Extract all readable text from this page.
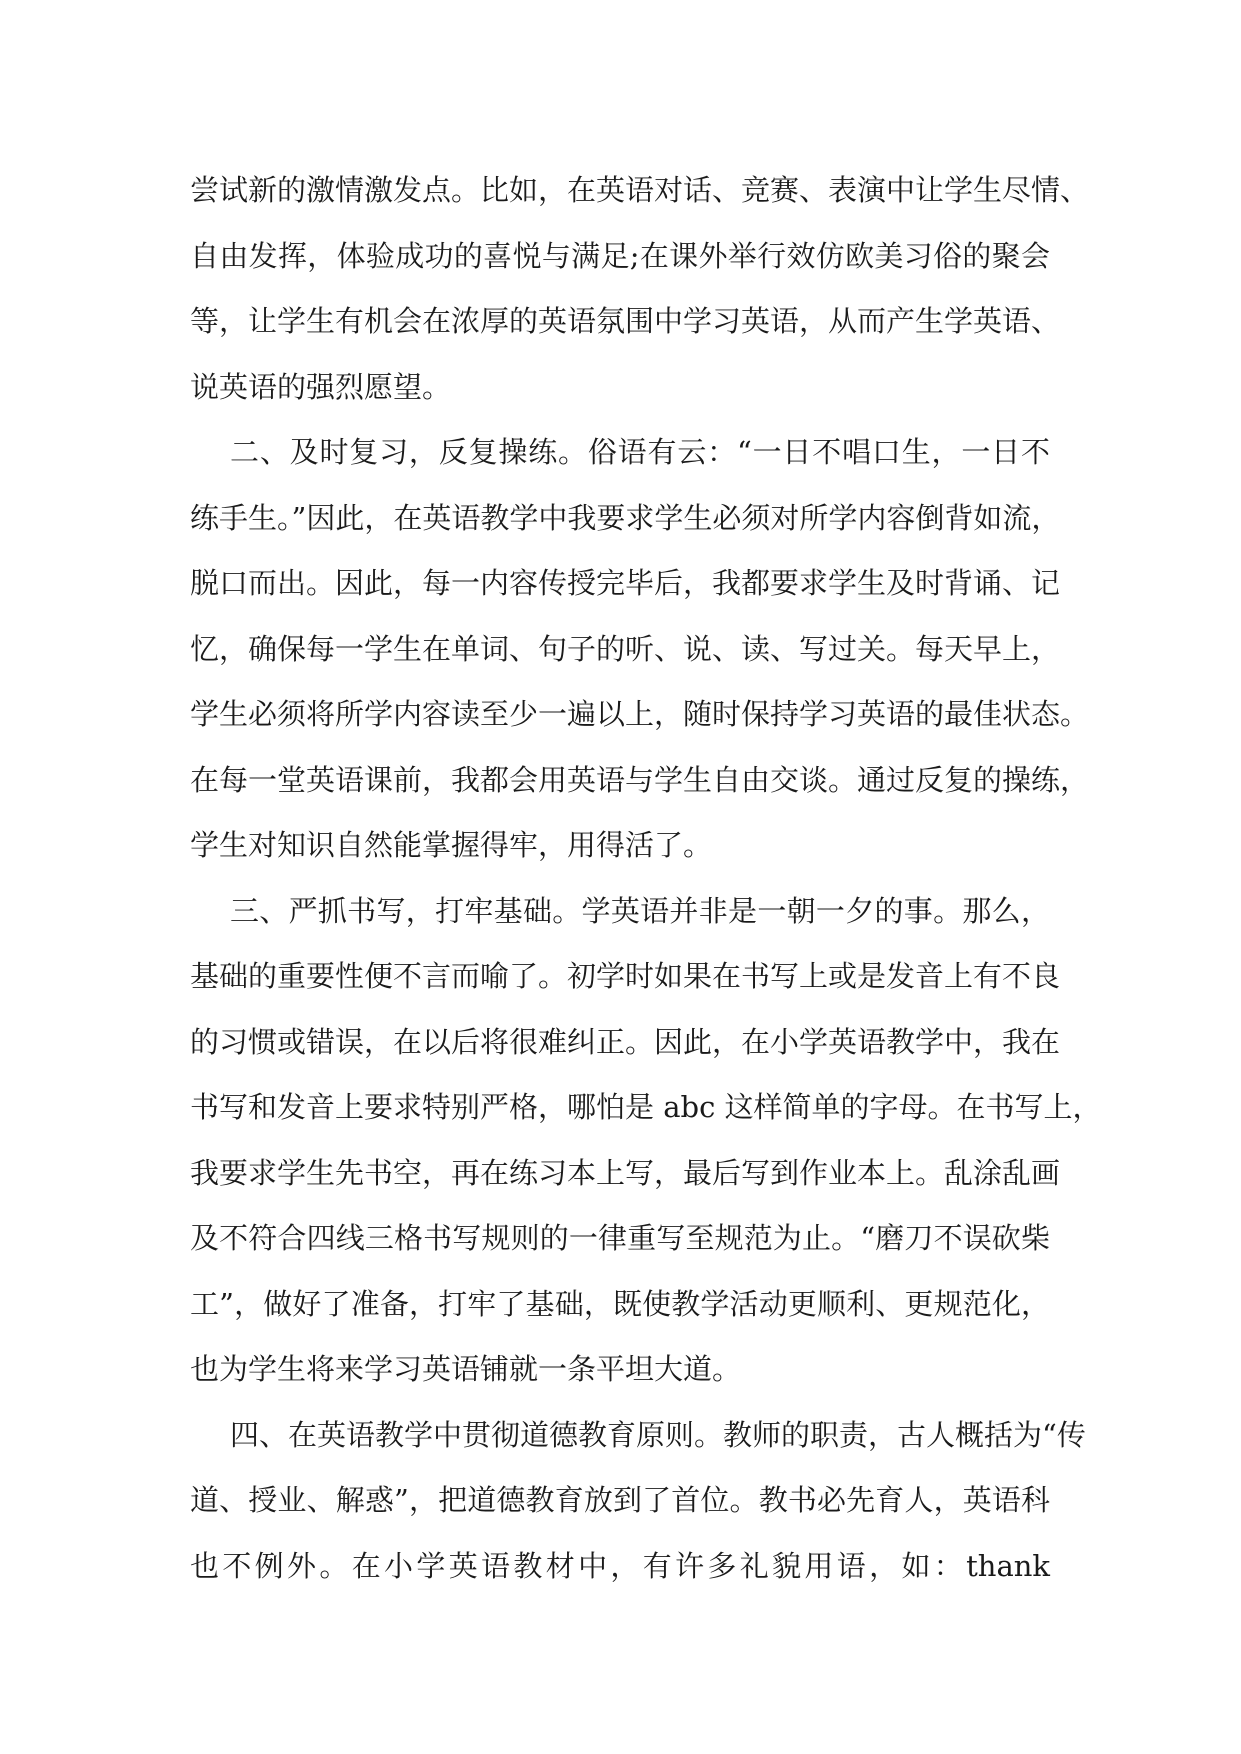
尝试新的激情激发点。比如，在英语对话、竞赛、表演中让学生尽情、
自由发挥，体验成功的喜悦与满足;在课外举行效仿欧美习俗的聚会
等，让学生有机会在浓厚的英语氛围中学习英语，从而产生学英语、
说英语的强烈愿望。
二、及时复习，反复操练。俗语有云：“一日不唱口生，一日不
练手生。”因此，在英语教学中我要求学生必须对所学内容倒背如流，
脱口而出。因此，每一内容传授完毕后，我都要求学生及时背诵、记
忆，确保每一学生在单词、句子的听、说、读、写过关。每天早上，
学生必须将所学内容读至少一遍以上，随时保持学习英语的最佳状态。
在每一堂英语课前，我都会用英语与学生自由交谈。通过反复的操练，
学生对知识自然能掌握得牢，用得活了。
三、严抓书写，打牢基础。学英语并非是一朝一夕的事。那么，
基础的重要性便不言而喻了。初学时如果在书写上或是发音上有不良
的习惯或错误，在以后将很难纠正。因此，在小学英语教学中，我在
书写和发音上要求特别严格，哪怕是 abc 这样简单的字母。在书写上，
我要求学生先书空，再在练习本上写，最后写到作业本上。乱涂乱画
及不符合四线三格书写规则的一律重写至规范为止。“磨刀不误砍柴
工”，做好了准备，打牢了基础，既使教学活动更顺利、更规范化，
也为学生将来学习英语铺就一条平坦大道。
四、在英语教学中贯彻道德教育原则。教师的职责，古人概括为“传
道、授业、解惑”，把道德教育放到了首位。教书必先育人，英语科
也不例外。在小学英语教材中，有许多礼貌用语，如：thank
